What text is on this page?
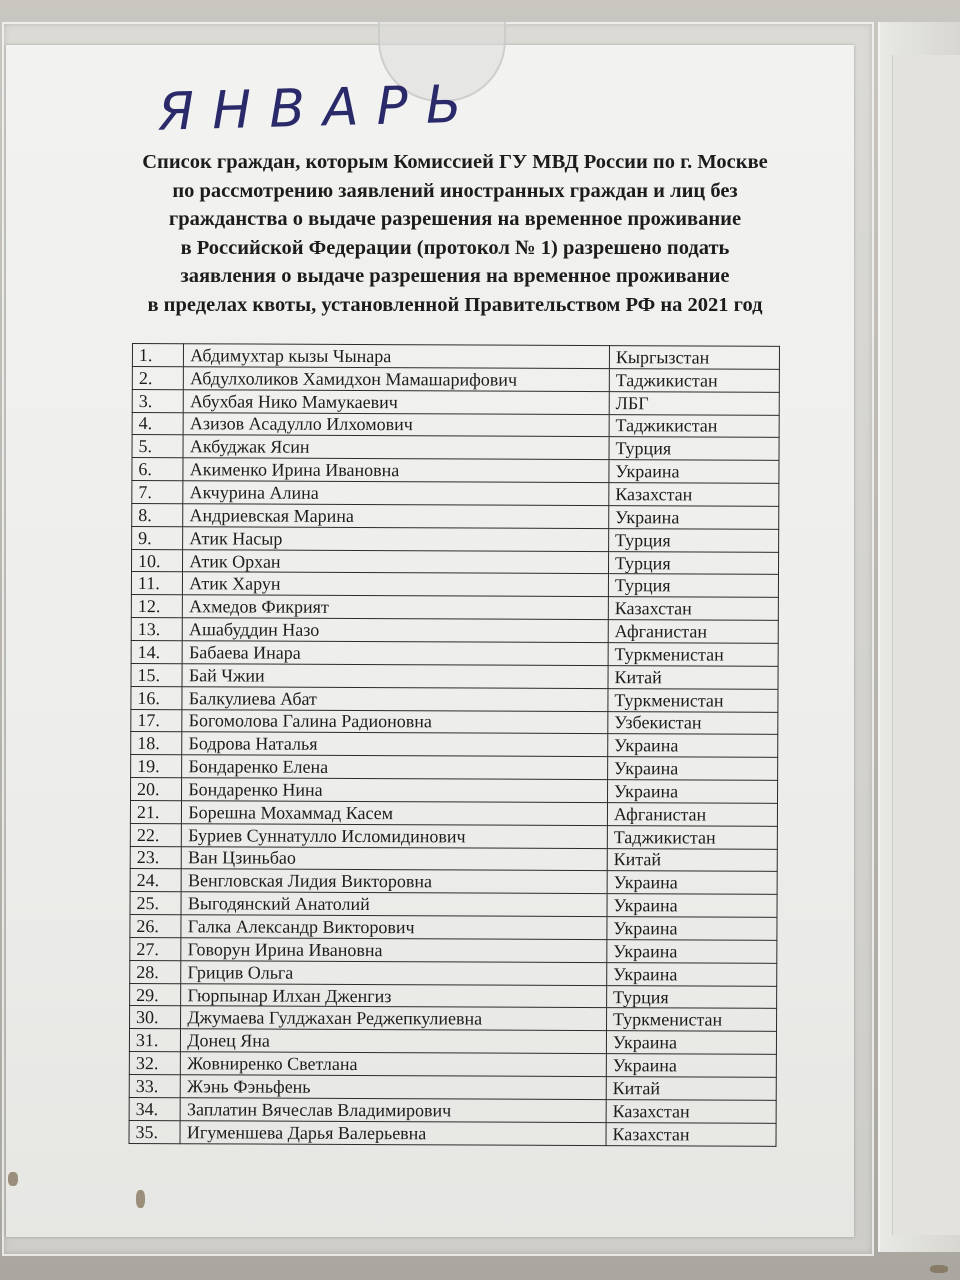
ЯНВАРЬ
Список граждан, которым Комиссией ГУ МВД России по г. Москве
по рассмотрению заявлений иностранных граждан и лиц без
гражданства о выдаче разрешения на временное проживание
в Российской Федерации (протокол № 1) разрешено подать
заявления о выдаче разрешения на временное проживание
в пределах квоты, установленной Правительством РФ на 2021 год
1.	Абдимухтар кызы Чынара	Кыргызстан
2.	Абдулхоликов Хамидхон Мамашарифович	Таджикистан
3.	Абухбая Нико Мамукаевич	ЛБГ
4.	Азизов Асадулло Илхомович	Таджикистан
5.	Акбуджак Ясин	Турция
6.	Акименко Ирина Ивановна	Украина
7.	Акчурина Алина	Казахстан
8.	Андриевская Марина	Украина
9.	Атик Насыр	Турция
10.	Атик Орхан	Турция
11.	Атик Харун	Турция
12.	Ахмедов Фикрият	Казахстан
13.	Ашабуддин Назо	Афганистан
14.	Бабаева Инара	Туркменистан
15.	Бай Чжии	Китай
16.	Балкулиева Абат	Туркменистан
17.	Богомолова Галина Радионовна	Узбекистан
18.	Бодрова Наталья	Украина
19.	Бондаренко Елена	Украина
20.	Бондаренко Нина	Украина
21.	Борешна Мохаммад Касем	Афганистан
22.	Буриев Суннатулло Исломидинович	Таджикистан
23.	Ван Цзиньбао	Китай
24.	Венгловская Лидия Викторовна	Украина
25.	Выгодянский Анатолий	Украина
26.	Галка Александр Викторович	Украина
27.	Говорун Ирина Ивановна	Украина
28.	Грицив Ольга	Украина
29.	Гюрпынар Илхан Дженгиз	Турция
30.	Джумаева Гулджахан Реджепкулиевна	Туркменистан
31.	Донец Яна	Украина
32.	Жовниренко Светлана	Украина
33.	Жэнь Фэньфень	Китай
34.	Заплатин Вячеслав Владимирович	Казахстан
35.	Игуменшева Дарья Валерьевна	Казахстан
